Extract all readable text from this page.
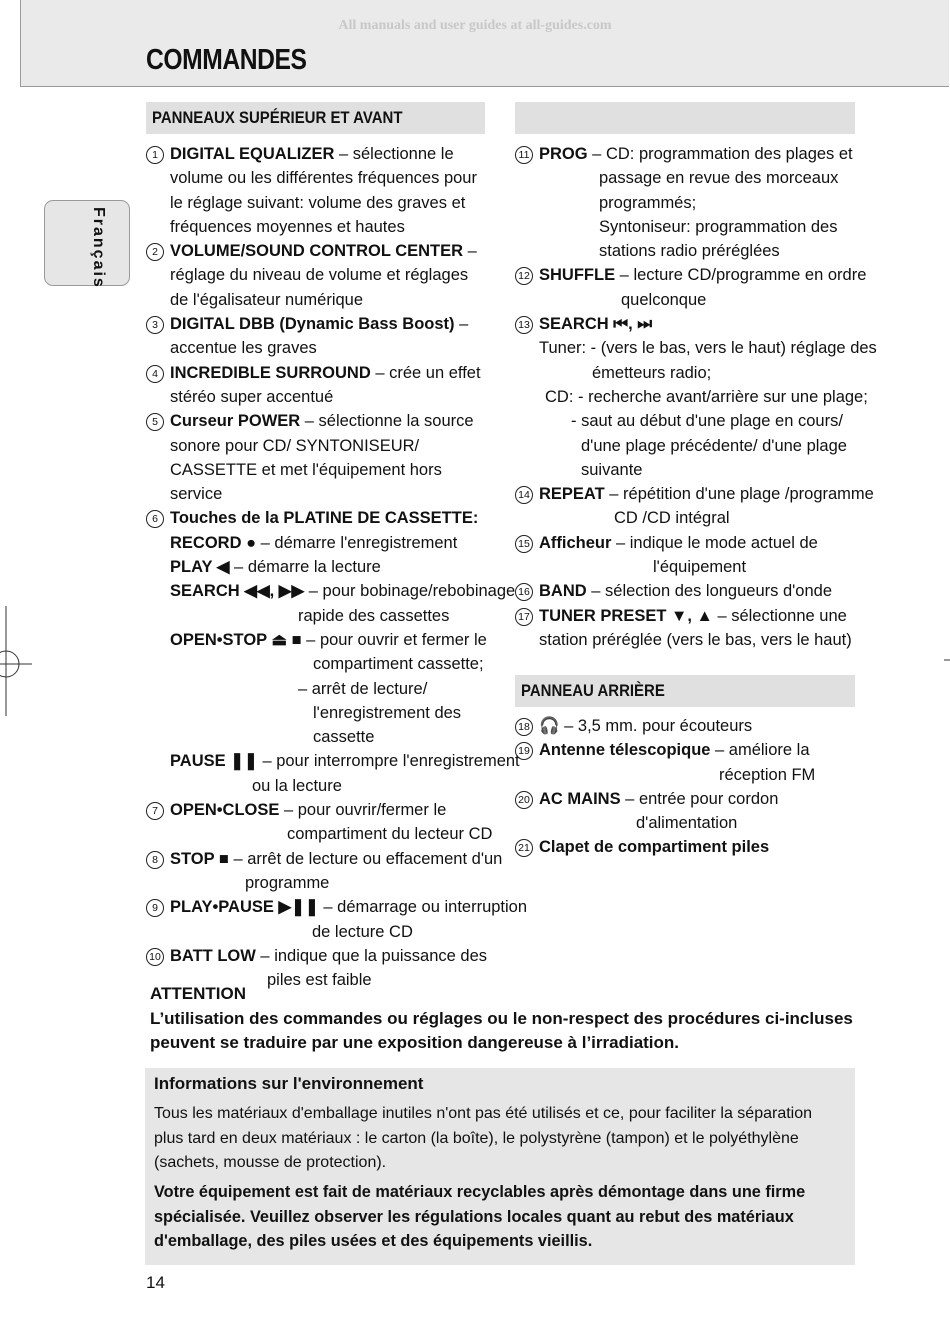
All manuals and user guides at all-guides.com
COMMANDES
Français
PANNEAUX SUPÉRIEUR ET AVANT
1 DIGITAL EQUALIZER – sélectionne le volume ou les différentes fréquences pour le réglage suivant: volume des graves et fréquences moyennes et hautes
2 VOLUME/SOUND CONTROL CENTER – réglage du niveau de volume et réglages de l'égalisateur numérique
3 DIGITAL DBB (Dynamic Bass Boost) – accentue les graves
4 INCREDIBLE SURROUND – crée un effet stéréo super accentué
5 Curseur POWER – sélectionne la source sonore pour CD/ SYNTONISEUR/ CASSETTE et met l'équipement hors service
6 Touches de la PLATINE DE CASSETTE:
RECORD ● – démarre l'enregistrement
PLAY ◀ – démarre la lecture
SEARCH ◀◀, ▶▶ – pour bobinage/rebobinage
rapide des cassettes
OPEN•STOP ⏏ ■ – pour ouvrir et fermer le
compartiment cassette;
– arrêt de lecture/
l'enregistrement des
cassette
PAUSE ❚❚ – pour interrompre l'enregistrement
ou la lecture
7 OPEN•CLOSE – pour ouvrir/fermer le
compartiment du lecteur CD
8 STOP ■ – arrêt de lecture ou effacement d'un
programme
9 PLAY•PAUSE ▶❚❚ – démarrage ou interruption
de lecture CD
10 BATT LOW – indique que la puissance des
piles est faible
11 PROG – CD: programmation des plages et
passage en revue des morceaux
programmés;
Syntoniseur: programmation des
stations radio préréglées
12 SHUFFLE – lecture CD/programme en ordre
quelconque
13 SEARCH ⏮, ⏭
Tuner: - (vers le bas, vers le haut) réglage des
émetteurs radio;
CD: - recherche avant/arrière sur une plage;
- saut au début d'une plage en cours/
d'une plage précédente/ d'une plage
suivante
14 REPEAT – répétition d'une plage /programme
CD /CD intégral
15 Afficheur – indique le mode actuel de
l'équipement
16 BAND – sélection des longueurs d'onde
17 TUNER PRESET ▼, ▲ – sélectionne une
station préréglée (vers le bas, vers le haut)
PANNEAU ARRIÈRE
18 🎧 – 3,5 mm. pour écouteurs
19 Antenne télescopique – améliore la
réception FM
20 AC MAINS – entrée pour cordon
d'alimentation
21 Clapet de compartiment piles
ATTENTION
L’utilisation des commandes ou réglages ou le non-respect des procédures ci-incluses
peuvent se traduire par une exposition dangereuse à l’irradiation.
Informations sur l'environnement
Tous les matériaux d'emballage inutiles n'ont pas été utilisés et ce, pour faciliter la séparation plus tard en deux matériaux : le carton (la boîte), le polystyrène (tampon) et le polyéthylène (sachets, mousse de protection).
Votre équipement est fait de matériaux recyclables après démontage dans une firme spécialisée. Veuillez observer les régulations locales quant au rebut des matériaux d'emballage, des piles usées et des équipements vieillis.
14
